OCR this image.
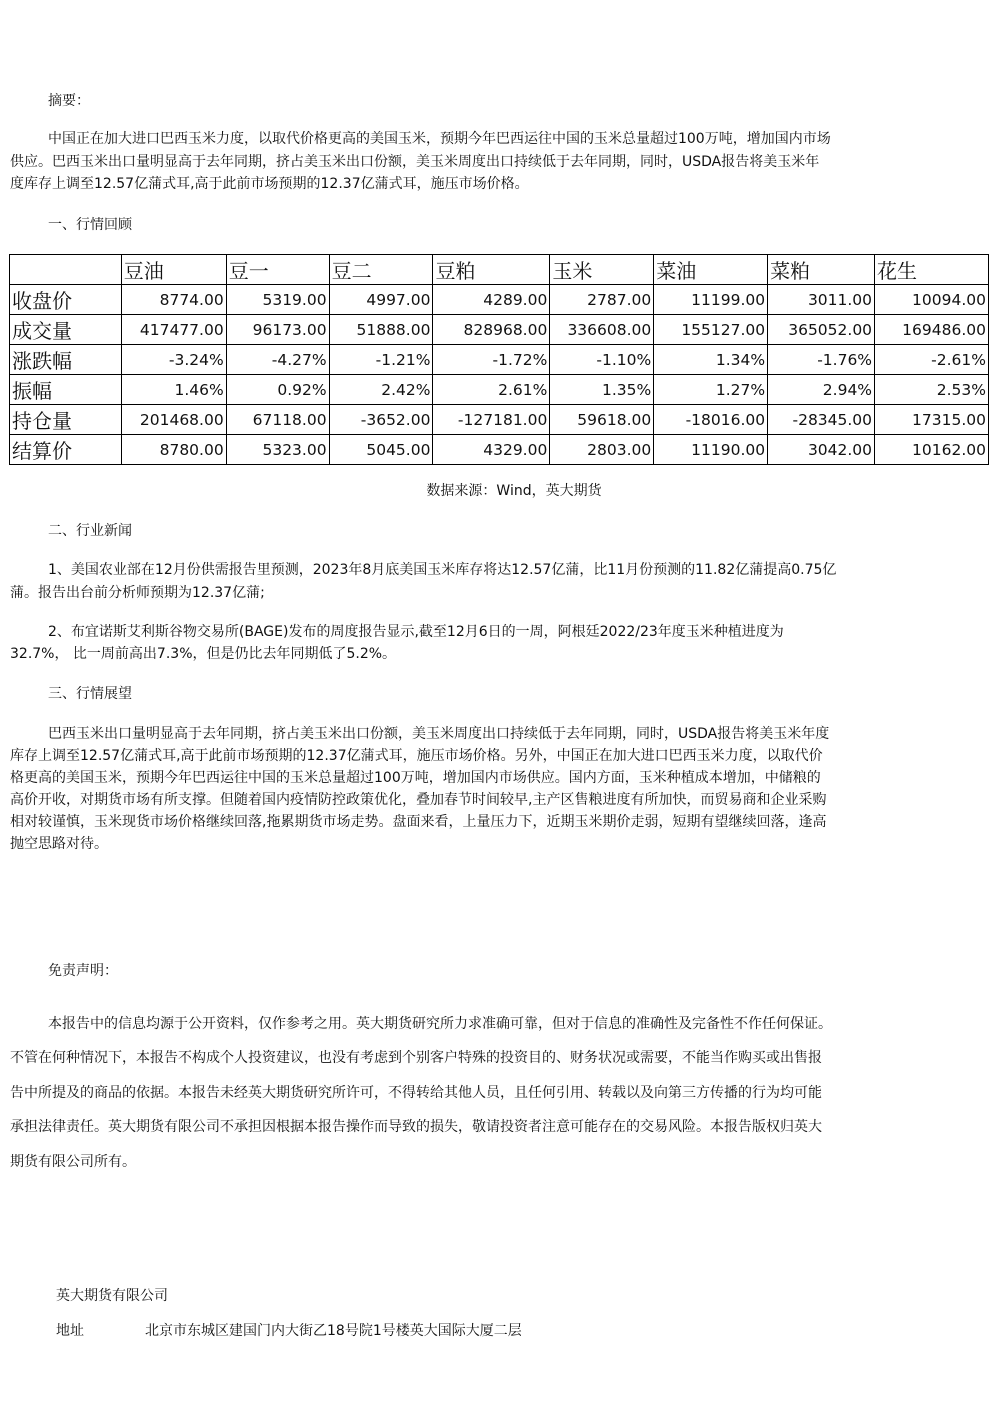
摘要：

中国正在加大进口巴西玉米力度，以取代价格更高的美国玉米，预期今年巴西运往中国的玉米总量超过100万吨，增加国内市场

供应。巴西玉米出口量明显高于去年同期，挤占美玉米出口份额，美玉米周度出口持续低于去年同期，同时，USDA报告将美玉米年

度库存上调至12.57亿蒲式耳,高于此前市场预期的12.37亿蒲式耳，施压市场价格。

一、行情回顾

	豆油	豆一	豆二	豆粕	玉米	菜油	菜粕	花生
收盘价	8774.00	5319.00	4997.00	4289.00	2787.00	11199.00	3011.00	10094.00
成交量	417477.00	96173.00	51888.00	828968.00	336608.00	155127.00	365052.00	169486.00
涨跌幅	-3.24%	-4.27%	-1.21%	-1.72%	-1.10%	1.34%	-1.76%	-2.61%
振幅	1.46%	0.92%	2.42%	2.61%	1.35%	1.27%	2.94%	2.53%
持仓量	201468.00	67118.00	-3652.00	-127181.00	59618.00	-18016.00	-28345.00	17315.00
结算价	8780.00	5323.00	5045.00	4329.00	2803.00	11190.00	3042.00	10162.00

数据来源：Wind，英大期货

二、行业新闻

1、美国农业部在12月份供需报告里预测，2023年8月底美国玉米库存将达12.57亿蒲，比11月份预测的11.82亿蒲提高0.75亿

蒲。报告出台前分析师预期为12.37亿蒲;

2、布宜诺斯艾利斯谷物交易所(BAGE)发布的周度报告显示,截至12月6日的一周，阿根廷2022/23年度玉米种植进度为

32.7%， 比一周前高出7.3%，但是仍比去年同期低了5.2%。

三、行情展望

巴西玉米出口量明显高于去年同期，挤占美玉米出口份额，美玉米周度出口持续低于去年同期，同时，USDA报告将美玉米年度

库存上调至12.57亿蒲式耳,高于此前市场预期的12.37亿蒲式耳，施压市场价格。另外，中国正在加大进口巴西玉米力度，以取代价

格更高的美国玉米，预期今年巴西运往中国的玉米总量超过100万吨，增加国内市场供应。国内方面，玉米种植成本增加，中储粮的

高价开收，对期货市场有所支撑。但随着国内疫情防控政策优化，叠加春节时间较早,主产区售粮进度有所加快，而贸易商和企业采购

相对较谨慎，玉米现货市场价格继续回落,拖累期货市场走势。盘面来看，上量压力下，近期玉米期价走弱，短期有望继续回落，逢高

抛空思路对待。

免责声明：

本报告中的信息均源于公开资料，仅作参考之用。英大期货研究所力求准确可靠，但对于信息的准确性及完备性不作任何保证。

不管在何种情况下，本报告不构成个人投资建议，也没有考虑到个别客户特殊的投资目的、财务状况或需要，不能当作购买或出售报

告中所提及的商品的依据。本报告未经英大期货研究所许可，不得转给其他人员，且任何引用、转载以及向第三方传播的行为均可能

承担法律责任。英大期货有限公司不承担因根据本报告操作而导致的损失，敬请投资者注意可能存在的交易风险。本报告版权归英大

期货有限公司所有。

英大期货有限公司

地址	北京市东城区建国门内大街乙18号院1号楼英大国际大厦二层
